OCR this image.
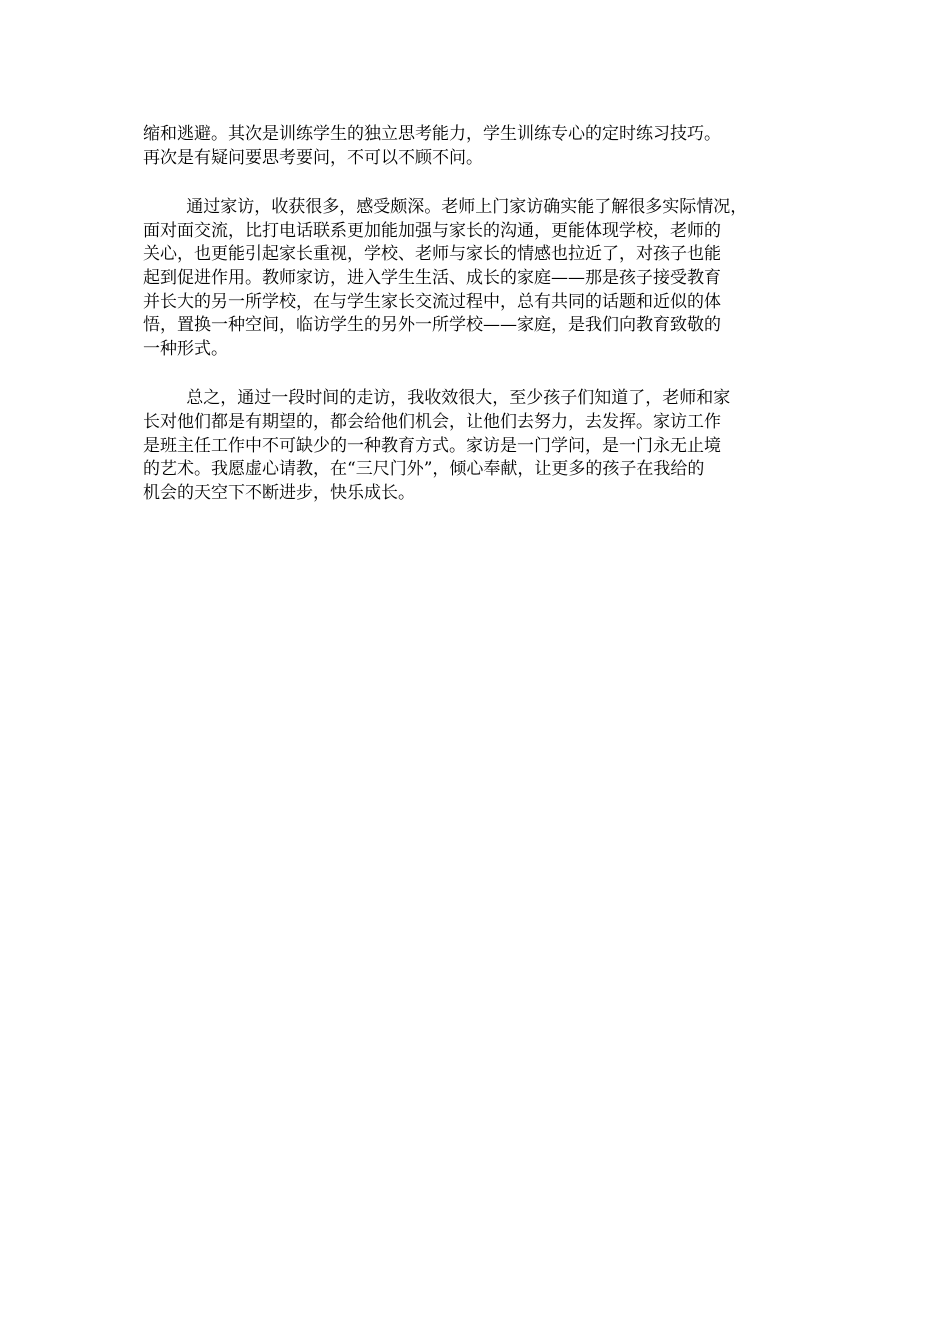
缩和逃避。其次是训练学生的独立思考能力，学生训练专心的定时练习技巧。
再次是有疑问要思考要问，不可以不顾不问。
通过家访，收获很多，感受颇深。老师上门家访确实能了解很多实际情况，
面对面交流，比打电话联系更加能加强与家长的沟通，更能体现学校，老师的
关心，也更能引起家长重视，学校、老师与家长的情感也拉近了，对孩子也能
起到促进作用。教师家访，进入学生生活、成长的家庭——那是孩子接受教育
并长大的另一所学校，在与学生家长交流过程中，总有共同的话题和近似的体
悟，置换一种空间，临访学生的另外一所学校——家庭，是我们向教育致敬的
一种形式。
总之，通过一段时间的走访，我收效很大，至少孩子们知道了，老师和家
长对他们都是有期望的，都会给他们机会，让他们去努力，去发挥。家访工作
是班主任工作中不可缺少的一种教育方式。家访是一门学问，是一门永无止境
的艺术。我愿虚心请教，在“三尺门外”，倾心奉献，让更多的孩子在我给的
机会的天空下不断进步，快乐成长。
